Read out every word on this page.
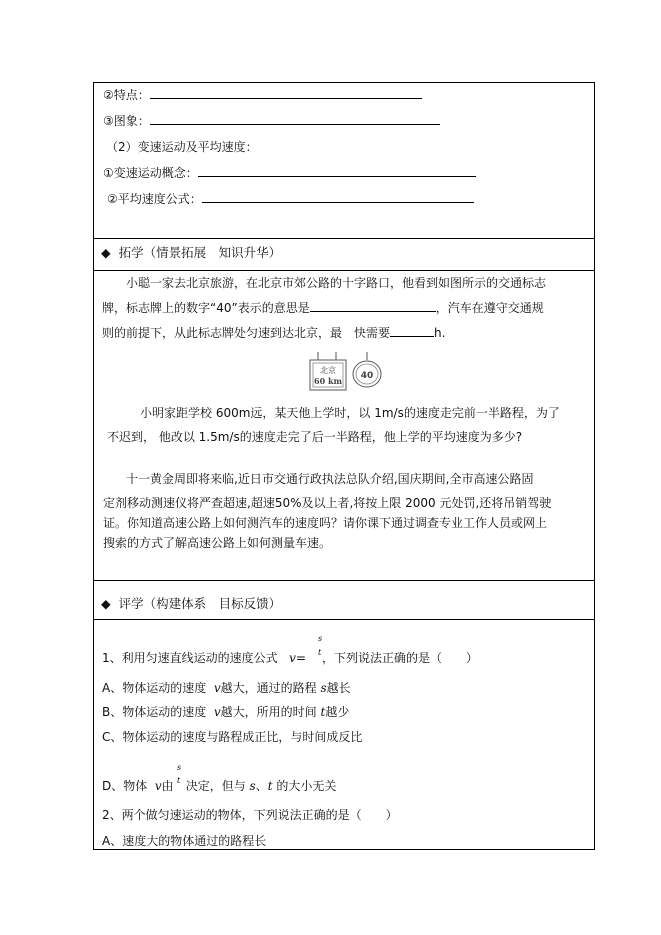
②特点：
③图象：
（2）变速运动及平均速度：
①变速运动概念：
②平均速度公式：
◆ 拓学（情景拓展　知识升华）
小聪一家去北京旅游，在北京市郊公路的十字路口，他看到如图所示的交通标志
牌，标志牌上的数字“40”表示的意思是	，汽车在遵守交通规
则的前提下，从此标志牌处匀速到达北京，最　快需要	h.
北京
60 km 40
小明家距学校 600m远，某天他上学时，以 1m/s的速度走完前一半路程，为了
不迟到， 他改以 1.5m/s的速度走完了后一半路程，他上学的平均速度为多少?
十一黄金周即将来临,近日市交通行政执法总队介绍,国庆期间,全市高速公路固
定剂移动测速仪将严查超速,超速50%及以上者,将按上限 2000 元处罚,还将吊销驾驶
证。你知道高速公路上如何测汽车的速度吗？请你课下通过调查专业工作人员或网上
搜索的方式了解高速公路上如何测量车速。
◆ 评学（构建体系　目标反馈）
s
t
1、利用匀速直线运动的速度公式 v= ，下列说法正确的是（　　）
A、物体运动的速度 v越大，通过的路程 s越长
B、物体运动的速度 v越大，所用的时间 t越少
C、物体运动的速度与路程成正比，与时间成反比
s
t
D、物体 v由 决定，但与 s、t 的大小无关
2、两个做匀速运动的物体，下列说法正确的是（　　）
A、速度大的物体通过的路程长
